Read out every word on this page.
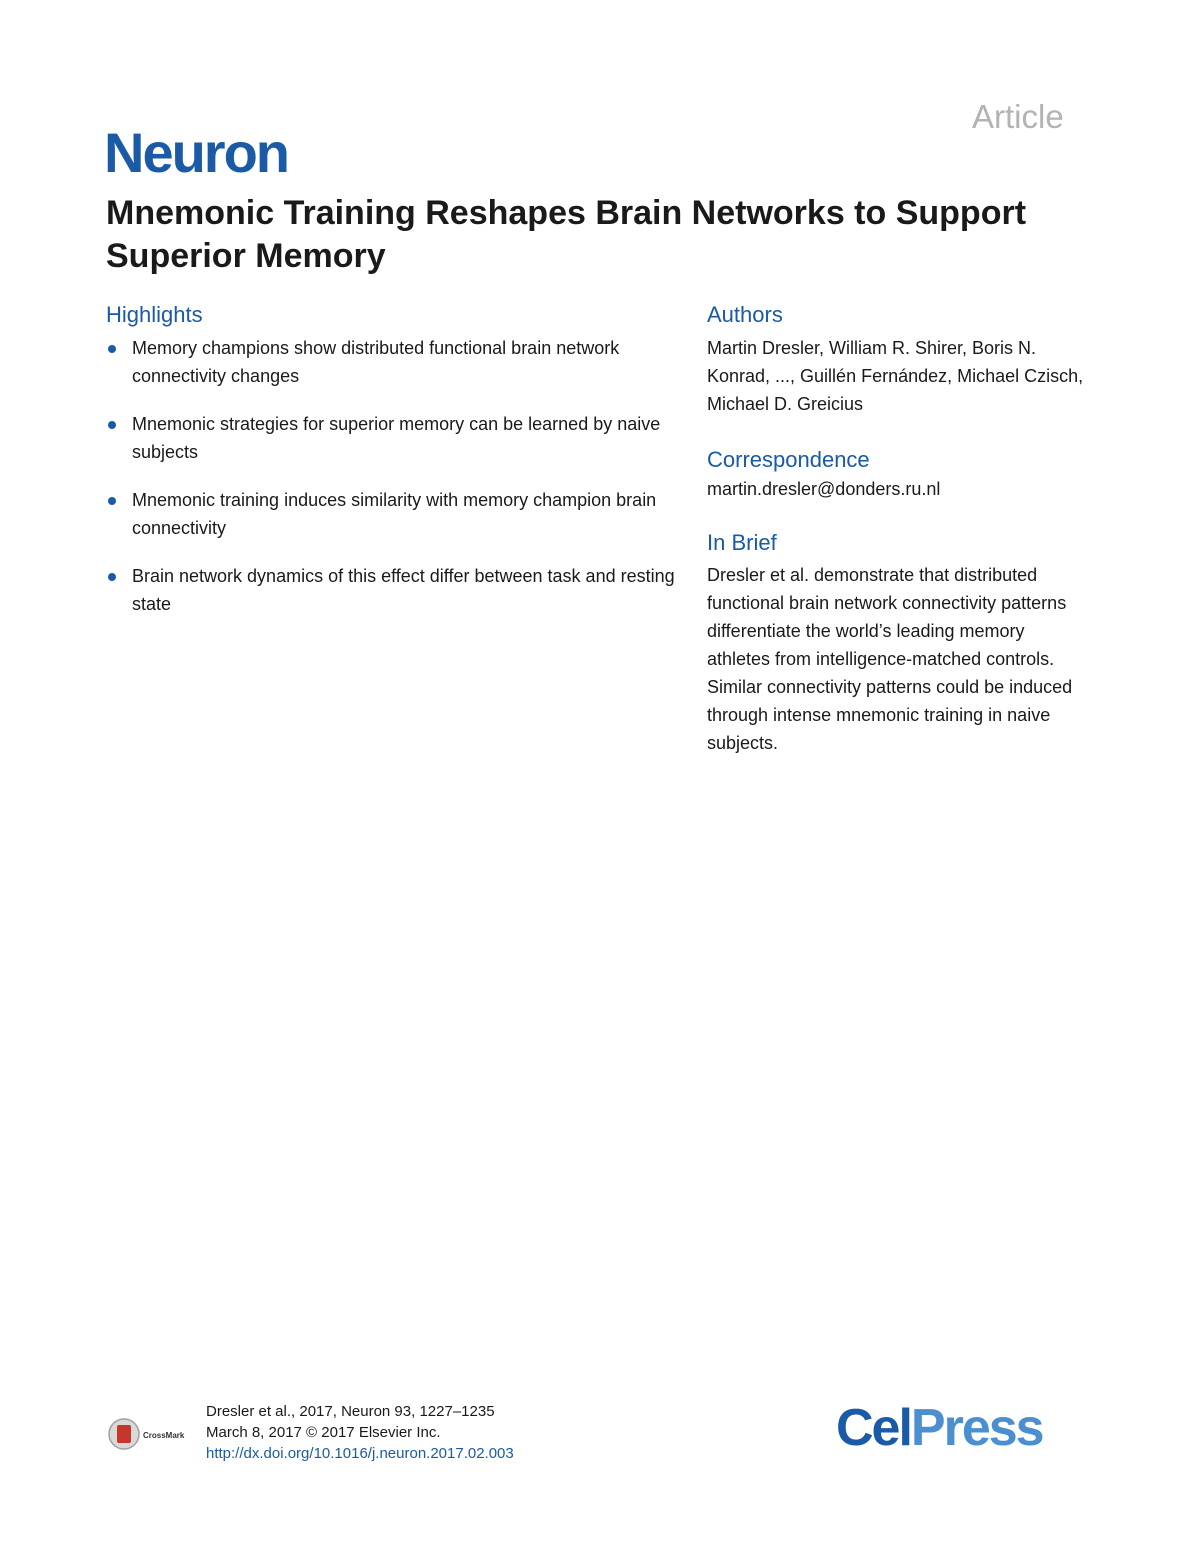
Article
Neuron
Mnemonic Training Reshapes Brain Networks to Support Superior Memory
Highlights
Memory champions show distributed functional brain network connectivity changes
Mnemonic strategies for superior memory can be learned by naive subjects
Mnemonic training induces similarity with memory champion brain connectivity
Brain network dynamics of this effect differ between task and resting state
Authors
Martin Dresler, William R. Shirer, Boris N. Konrad, ..., Guillén Fernández, Michael Czisch, Michael D. Greicius
Correspondence
martin.dresler@donders.ru.nl
In Brief
Dresler et al. demonstrate that distributed functional brain network connectivity patterns differentiate the world’s leading memory athletes from intelligence-matched controls. Similar connectivity patterns could be induced through intense mnemonic training in naive subjects.
CrossMark
Dresler et al., 2017, Neuron 93, 1227–1235
March 8, 2017 © 2017 Elsevier Inc.
http://dx.doi.org/10.1016/j.neuron.2017.02.003	CelPress
